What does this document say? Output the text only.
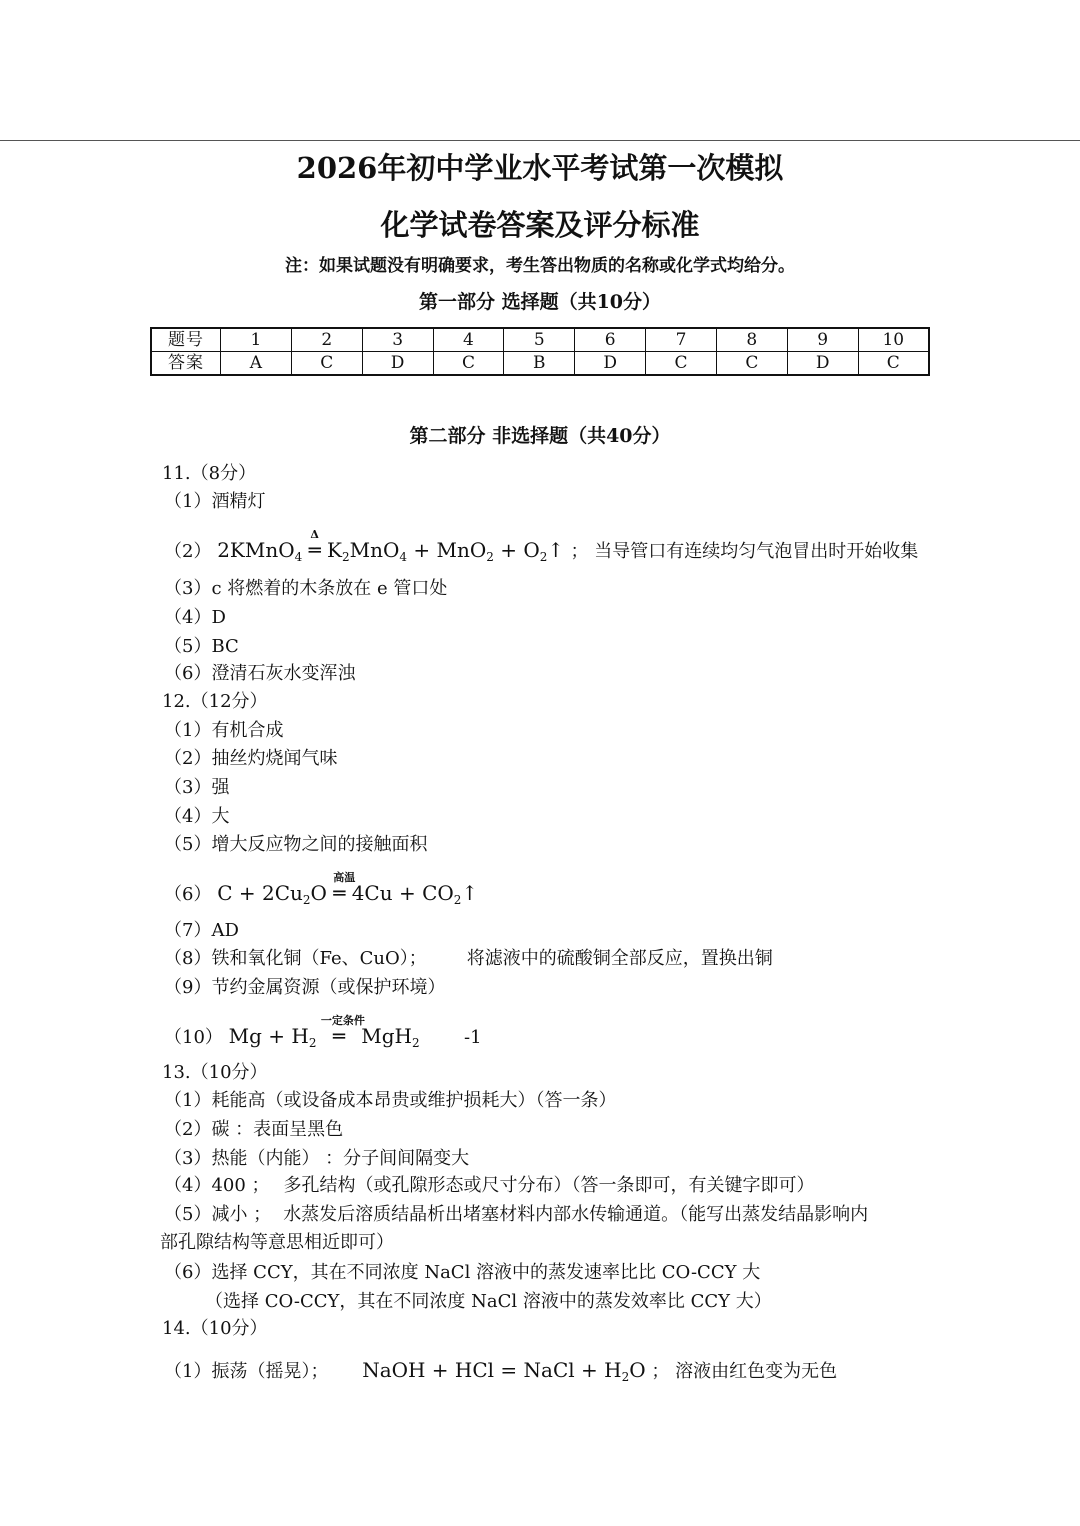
2026年初中学业水平考试第一次模拟
化学试卷答案及评分标准
注：如果试题没有明确要求，考生答出物质的名称或化学式均给分。
第一部分 选择题（共10分）
题号	1	2	3	4	5	6	7	8	9	10
答案	A	C	D	C	B	D	C	C	D	C
第二部分 非选择题（共40分）
11.（8分）
（1）酒精灯
（2） 2KMnO$_4$
Δ
═ $K_2MnO_4 + MnO_2$ + $O_2↑$ ； 当导管口有连续均匀气泡冒出时开始收集
（3）c 将燃着的木条放在 e 管口处
（4）D
（5）BC
（6）澄清石灰水变浑浊
12.（12分）
（1）有机合成
（2）抽丝灼烧闻气味
（3）强
（4）大
（5）增大反应物之间的接触面积
（6） $C + 2Cu_2O$
高温
═ $4Cu + CO_2↑$
（7）AD
（8）铁和氧化铜（Fe、CuO）； 将滤液中的硫酸铜全部反应，置换出铜
（9）节约金属资源（或保护环境）
（10） $Mg + H_2$
一定条件
═ MgH$_2$ -1
13.（10分）
（1）耗能高（或设备成本昂贵或维护损耗大）（答一条）
（2）碳 ：表面呈黑色
（3）热能（内能） ：分子间间隔变大
（4）400 ； 多孔结构（或孔隙形态或尺寸分布）（答一条即可，有关键字即可）
（5）减小 ； 水蒸发后溶质结晶析出堵塞材料内部水传输通道。（能写出蒸发结晶影响内
部孔隙结构等意思相近即可）
（6）选择 CCY，其在不同浓度 NaCl 溶液中的蒸发速率比比 CO-CCY 大
（选择 CO-CCY，其在不同浓度 NaCl 溶液中的蒸发效率比 CCY 大）
14.（10分）
（1）振荡（摇晃）； NaOH + HCl = NaCl + $H_2O$ ； 溶液由红色变为无色
